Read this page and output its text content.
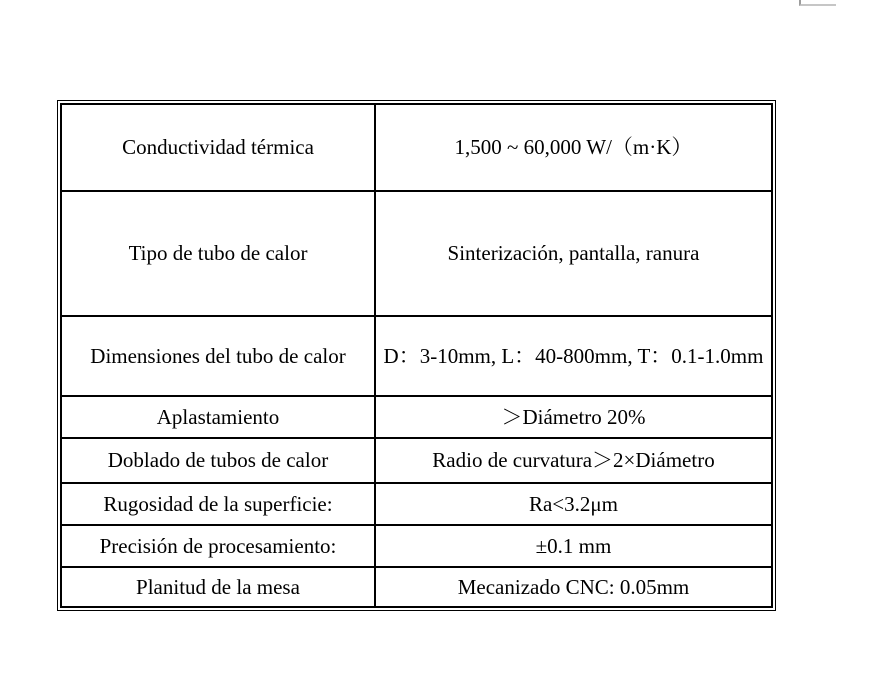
Conductividad térmica	1,500 ~ 60,000 W/（m·K）
Tipo de tubo de calor	Sinterización, pantalla, ranura
Dimensiones del tubo de calor	D：3-10mm, L：40-800mm, T：0.1-1.0mm
Aplastamiento	＞Diámetro 20%
Doblado de tubos de calor	Radio de curvatura＞2×Diámetro
Rugosidad de la superficie:	Ra<3.2μm
Precisión de procesamiento:	±0.1 mm
Planitud de la mesa	Mecanizado CNC: 0.05mm
